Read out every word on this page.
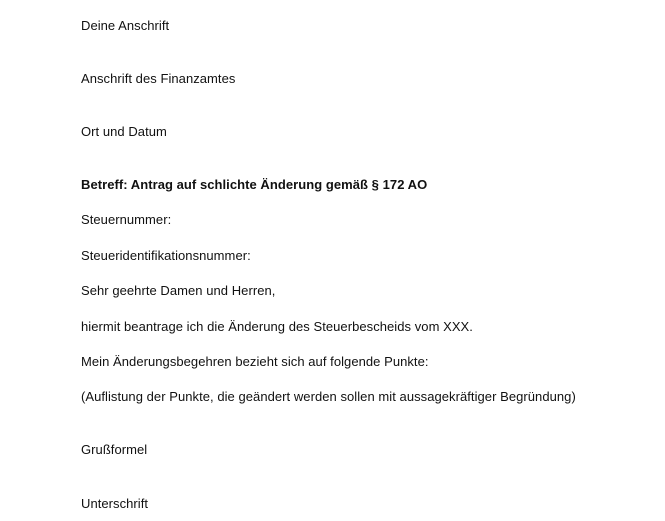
Deine Anschrift
Anschrift des Finanzamtes
Ort und Datum
Betreff: Antrag auf schlichte Änderung gemäß § 172 AO
Steuernummer:
Steueridentifikationsnummer:
Sehr geehrte Damen und Herren,
hiermit beantrage ich die Änderung des Steuerbescheids vom XXX.
Mein Änderungsbegehren bezieht sich auf folgende Punkte:
(Auflistung der Punkte, die geändert werden sollen mit aussagekräftiger Begründung)
Grußformel
Unterschrift
